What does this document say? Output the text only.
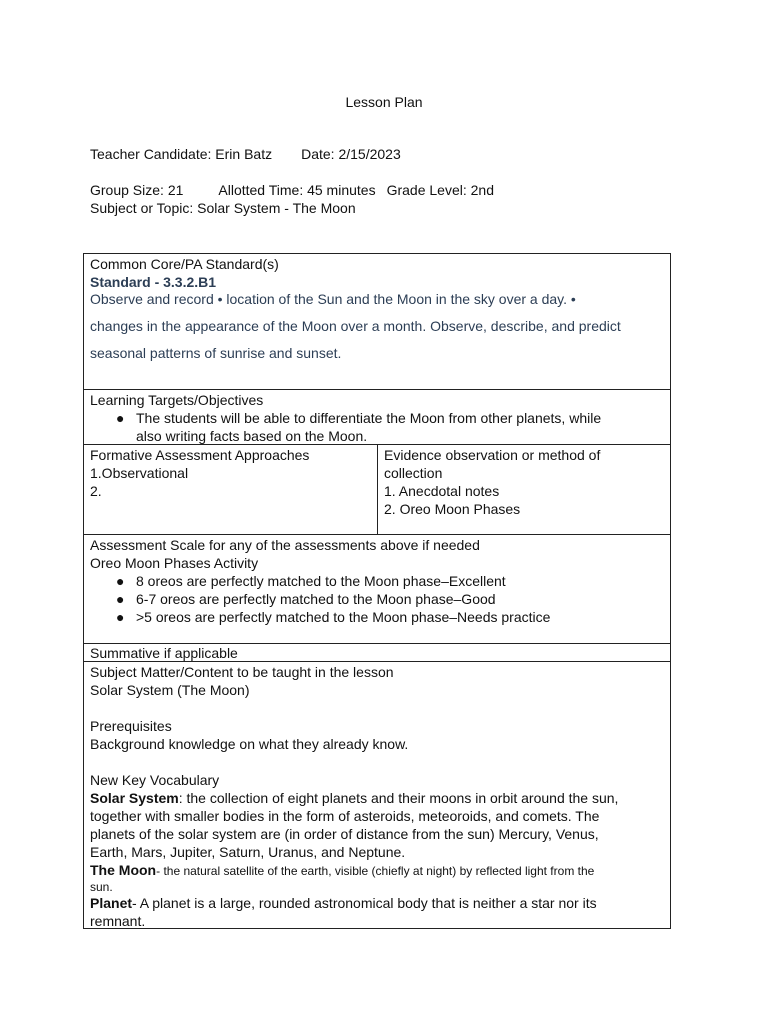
Lesson Plan
Teacher Candidate: Erin Batz Date: 2/15/2023
Group Size: 21	Allotted Time: 45 minutes Grade Level: 2nd
Subject or Topic: Solar System - The Moon
Common Core/PA Standard(s)
Standard - 3.3.2.B1
Observe and record • location of the Sun and the Moon in the sky over a day. •
changes in the appearance of the Moon over a month. Observe, describe, and predict
seasonal patterns of sunrise and sunset.
Learning Targets/Objectives
● The students will be able to differentiate the Moon from other planets, while
also writing facts based on the Moon.
Formative Assessment Approaches
1.Observational
2.
Evidence observation or method of
collection
1. Anecdotal notes
2. Oreo Moon Phases
Assessment Scale for any of the assessments above if needed
Oreo Moon Phases Activity
● 8 oreos are perfectly matched to the Moon phase–Excellent
● 6-7 oreos are perfectly matched to the Moon phase–Good
● >5 oreos are perfectly matched to the Moon phase–Needs practice
Summative if applicable
Subject Matter/Content to be taught in the lesson
Solar System (The Moon)

Prerequisites
Background knowledge on what they already know.

New Key Vocabulary
Solar System: the collection of eight planets and their moons in orbit around the sun,
together with smaller bodies in the form of asteroids, meteoroids, and comets. The
planets of the solar system are (in order of distance from the sun) Mercury, Venus,
Earth, Mars, Jupiter, Saturn, Uranus, and Neptune.
The Moon- the natural satellite of the earth, visible (chiefly at night) by reflected light from the
sun.
Planet- A planet is a large, rounded astronomical body that is neither a star nor its
remnant.
